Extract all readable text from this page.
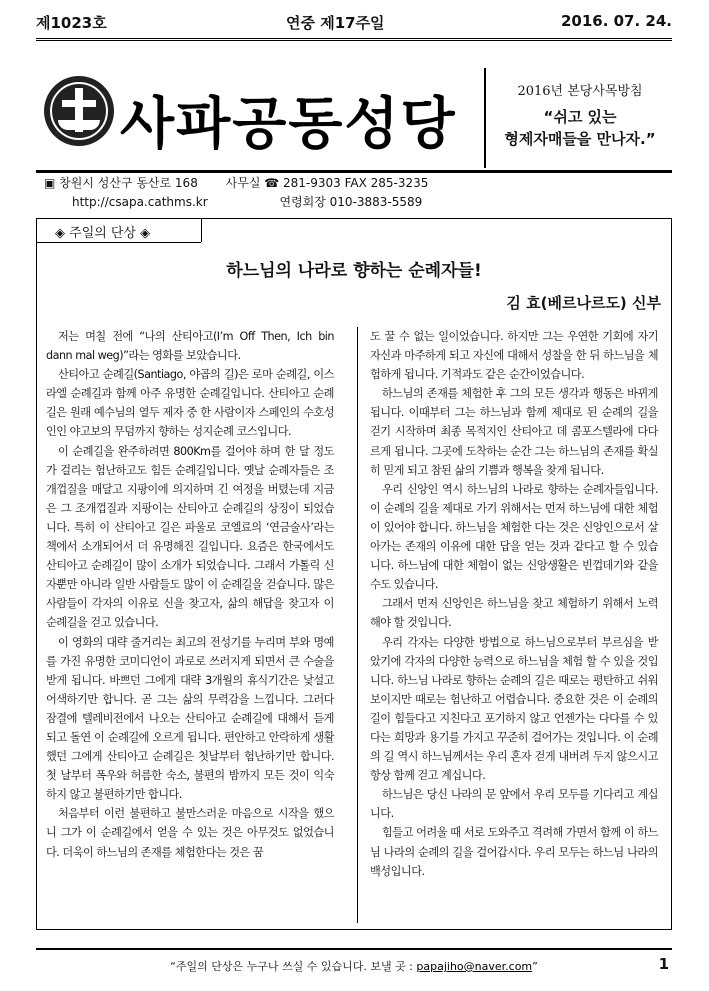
제1023호	연중 제17주일	2016. 07. 24.
사파공동성당
2016년 본당사목방침
“쉬고 있는
형제자매들을 만나자.”
▣ 창원시 성산구 동산로 168 사무실 ☎ 281-9303 FAX 285-3235
http://csapa.cathms.kr	연령회장 010-3883-5589
◈ 주일의 단상 ◈
하느님의 나라로 향하는 순례자들!
김 효(베르나르도) 신부

저는 며칠 전에 “나의 산티아고(I’m Off Then, Ich bin dann mal weg)”라는 영화를 보았습니다.

산티아고 순례길(Santiago, 야곱의 길)은 로마 순례길, 이스라엘 순례길과 함께 아주 유명한 순례길입니다. 산티아고 순례길은 원래 예수님의 열두 제자 중 한 사람이자 스페인의 수호성인인 야고보의 무덤까지 향하는 성지순례 코스입니다.

이 순례길을 완주하려면 800Km를 걸어야 하며 한 달 정도가 걸리는 험난하고도 힘든 순례길입니다. 옛날 순례자들은 조개껍질을 매달고 지팡이에 의지하며 긴 여정을 버텼는데 지금은 그 조개껍질과 지팡이는 산티아고 순례길의 상징이 되었습니다. 특히 이 산티아고 길은 파울로 코엘료의 ‘연금술사’라는 책에서 소개되어서 더 유명해진 길입니다. 요즘은 한국에서도 산티아고 순례길이 많이 소개가 되었습니다. 그래서 가톨릭 신자뿐만 아니라 일반 사람들도 많이 이 순례길을 걷습니다. 많은 사람들이 각자의 이유로 신을 찾고자, 삶의 해답을 찾고자 이 순례길을 걷고 있습니다.

이 영화의 대략 줄거리는 최고의 전성기를 누리며 부와 명예를 가진 유명한 코미디언이 과로로 쓰러지게 되면서 큰 수술을 받게 됩니다. 바쁘던 그에게 대략 3개월의 휴식기간은 낯설고 어색하기만 합니다. 곧 그는 삶의 무력감을 느낍니다. 그러다 잠결에 텔레비전에서 나오는 산티아고 순례길에 대해서 듣게 되고 돌연 이 순례길에 오르게 됩니다. 편안하고 안락하게 생활했던 그에게 산티아고 순례길은 첫날부터 험난하기만 합니다. 첫 날부터 폭우와 허름한 숙소, 불편의 밤까지 모든 것이 익숙하지 않고 불편하기만 합니다.

처음부터 이런 불편하고 불만스러운 마음으로 시작을 했으니 그가 이 순례길에서 얻을 수 있는 것은 아무것도 없었습니다. 더욱이 하느님의 존재를 체험한다는 것은 꿈

도 꿀 수 없는 일이었습니다. 하지만 그는 우연한 기회에 자기 자신과 마주하게 되고 자신에 대해서 성찰을 한 뒤 하느님을 체험하게 됩니다. 기적과도 같은 순간이었습니다.

하느님의 존재를 체험한 후 그의 모든 생각과 행동은 바뀌게 됩니다. 이때부터 그는 하느님과 함께 제대로 된 순례의 길을 걷기 시작하며 최종 목적지인 산티아고 데 콤포스텔라에 다다르게 됩니다. 그곳에 도착하는 순간 그는 하느님의 존재를 확실히 믿게 되고 참된 삶의 기쁨과 행복을 찾게 됩니다.

우리 신앙인 역시 하느님의 나라로 향하는 순례자들입니다. 이 순례의 길을 제대로 가기 위해서는 먼저 하느님에 대한 체험이 있어야 합니다. 하느님을 체험한 다는 것은 신앙인으로서 살아가는 존재의 이유에 대한 답을 얻는 것과 같다고 할 수 있습니다. 하느님에 대한 체험이 없는 신앙생활은 빈껍데기와 같을 수도 있습니다.

그래서 먼저 신앙인은 하느님을 찾고 체험하기 위해서 노력해야 할 것입니다.

우리 각자는 다양한 방법으로 하느님으로부터 부르심을 받았기에 각자의 다양한 능력으로 하느님을 체험 할 수 있을 것입니다. 하느님 나라로 향하는 순례의 길은 때로는 평탄하고 쉬워 보이지만 때로는 험난하고 어렵습니다. 중요한 것은 이 순례의 길이 힘들다고 지친다고 포기하지 않고 언젠가는 다다를 수 있다는 희망과 용기를 가지고 꾸준히 걸어가는 것입니다. 이 순례의 길 역시 하느님께서는 우리 혼자 걷게 내버려 두지 않으시고 항상 함께 걷고 계십니다.

하느님은 당신 나라의 문 앞에서 우리 모두를 기다리고 계십니다.

힘들고 어려울 때 서로 도와주고 격려해 가면서 함께 이 하느님 나라의 순례의 길을 걸어갑시다. 우리 모두는 하느님 나라의 백성입니다.

“주일의 단상은 누구나 쓰실 수 있습니다. 보낼 곳 : papajiho@naver.com”	1
